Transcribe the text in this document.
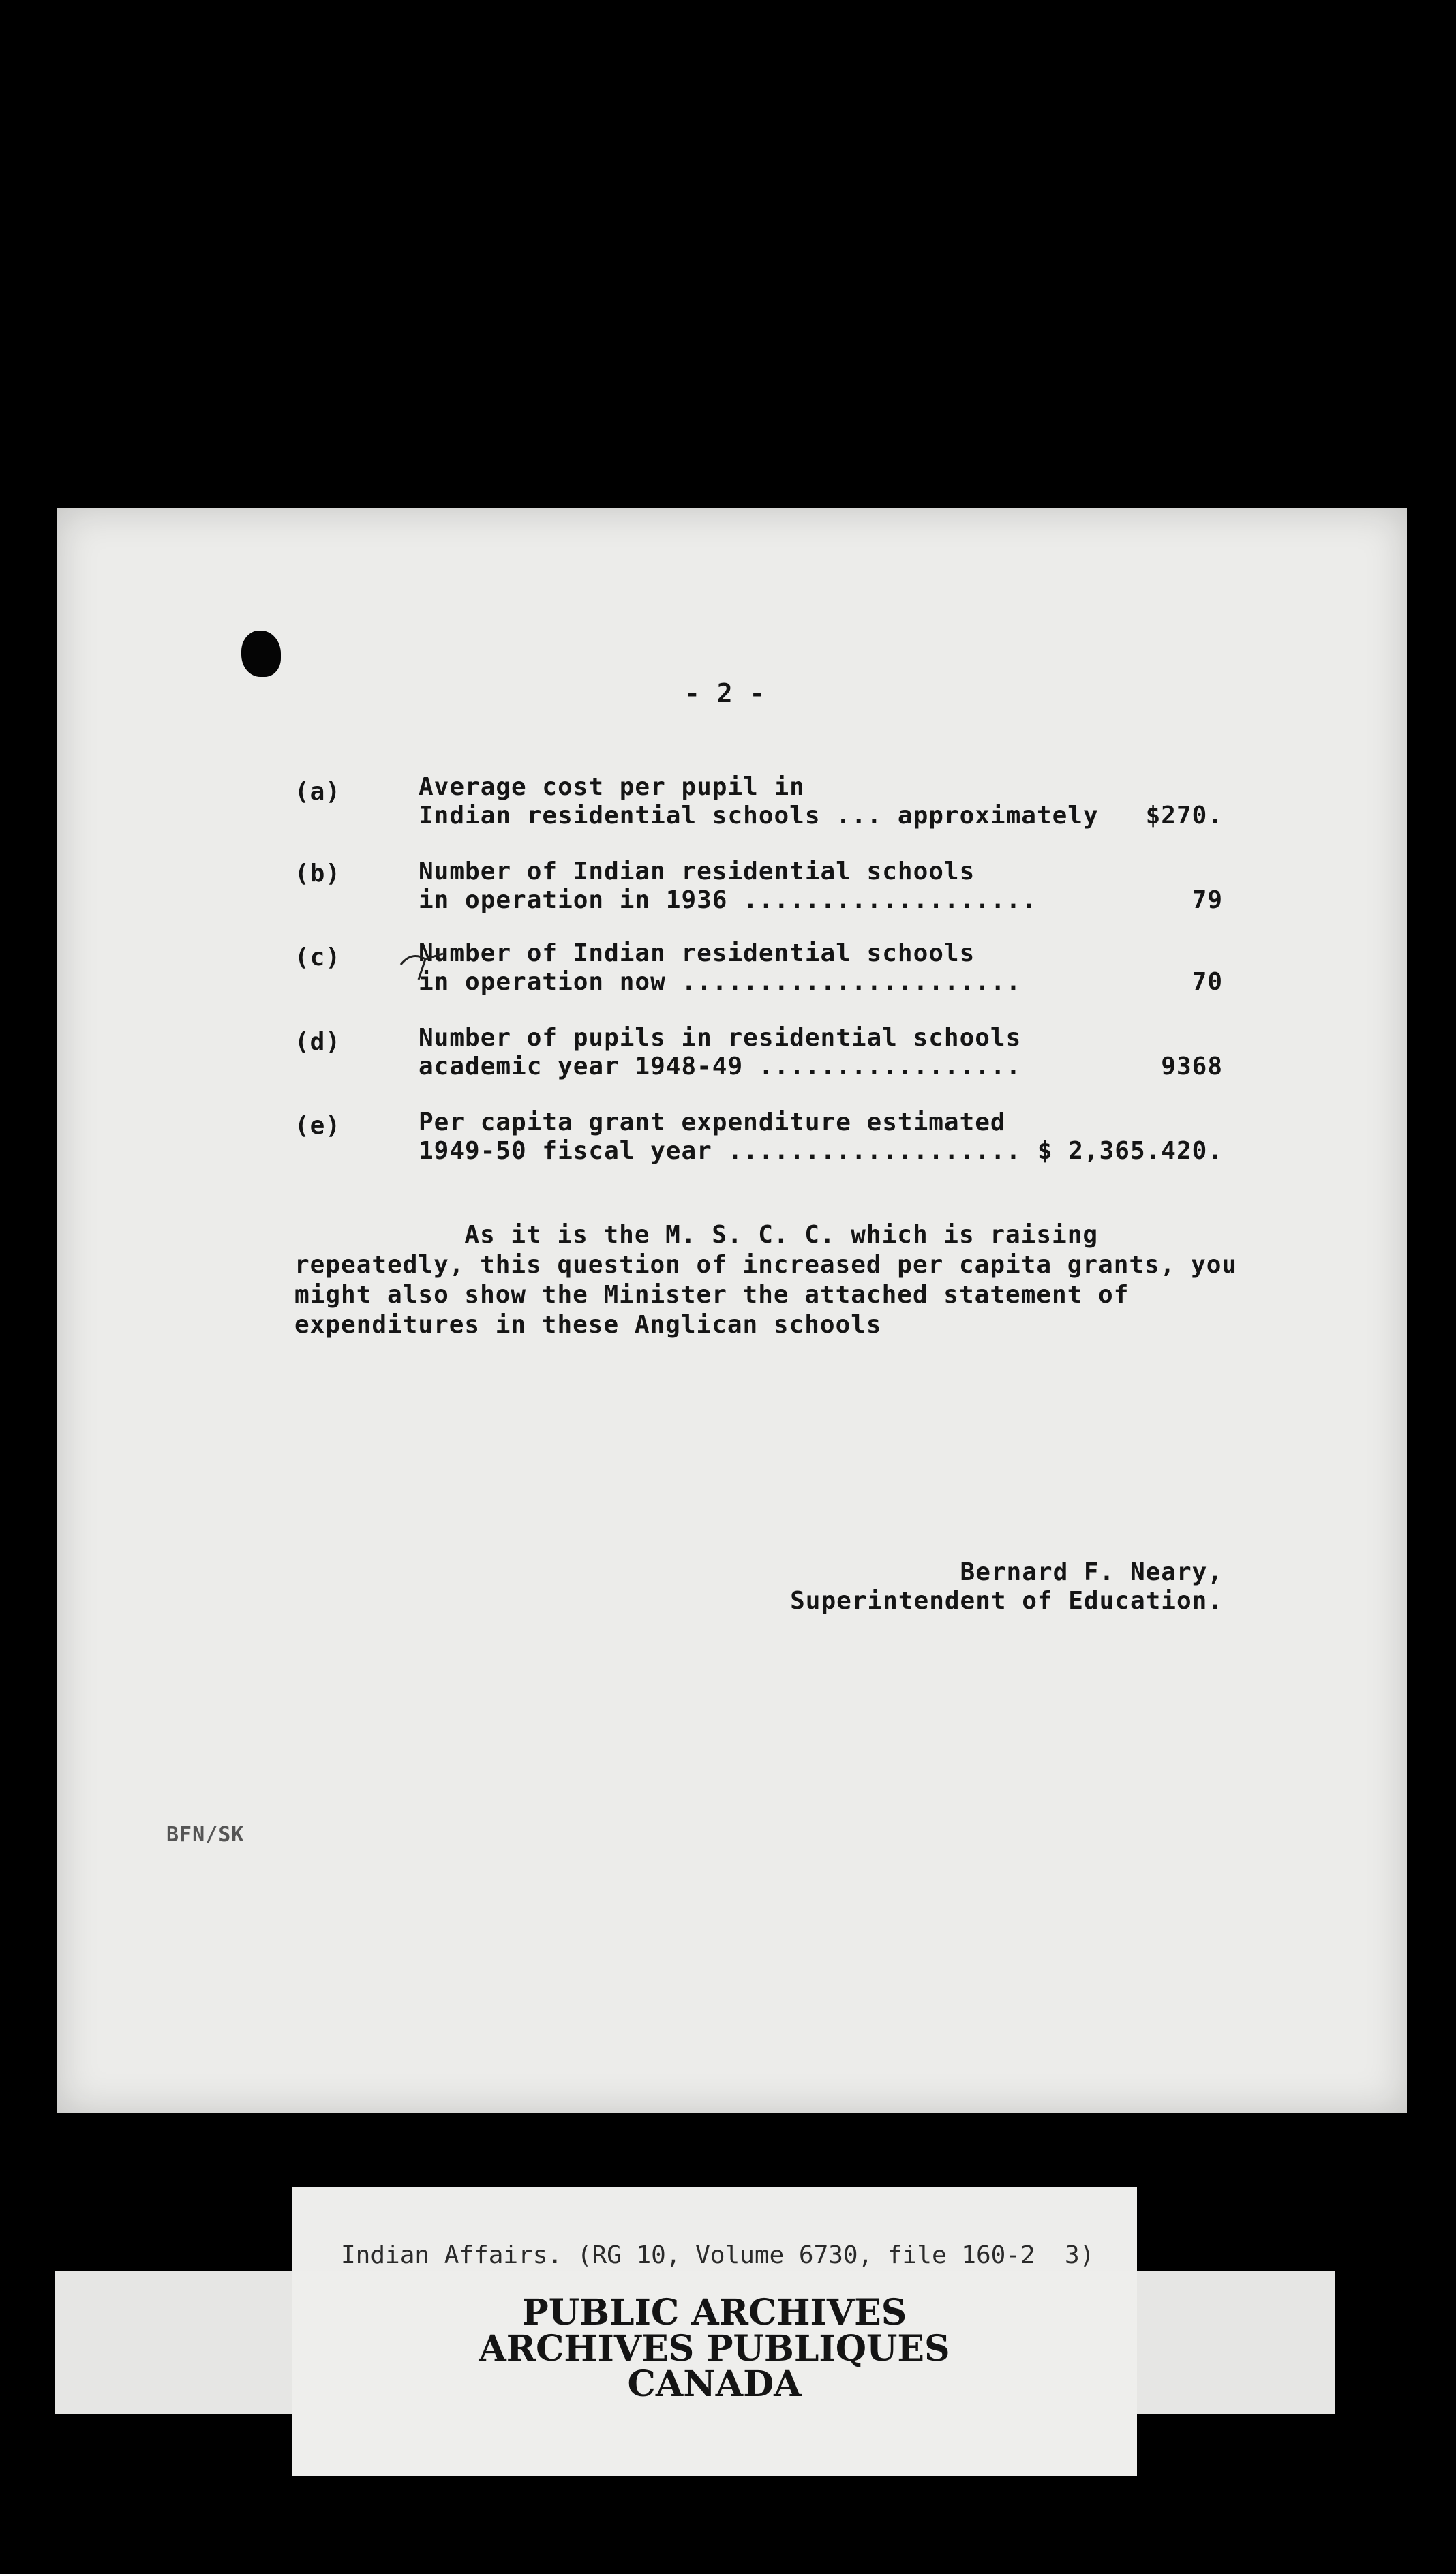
- 2 -
(a)	Average cost per pupil in
Indian residential schools ... approximately $270.
(b)	Number of Indian residential schools
in operation in 1936 ...................	79
(c)	Number of Indian residential schools
in operation now ......................	70
(d)	Number of pupils in residential schools
academic year 1948-49 .................	9368
(e)	Per capita grant expenditure estimated
1949-50 fiscal year ................... $ 2,365.420.
As it is the M. S. C. C. which is raising
repeatedly, this question of increased per capita grants, you
might also show the Minister the attached statement of
expenditures in these Anglican schools
Bernard F. Neary,
Superintendent of Education.
BFN/SK
Indian Affairs. (RG 10, Volume 6730, file 160-2  3)
PUBLIC ARCHIVES
ARCHIVES PUBLIQUES
CANADA
